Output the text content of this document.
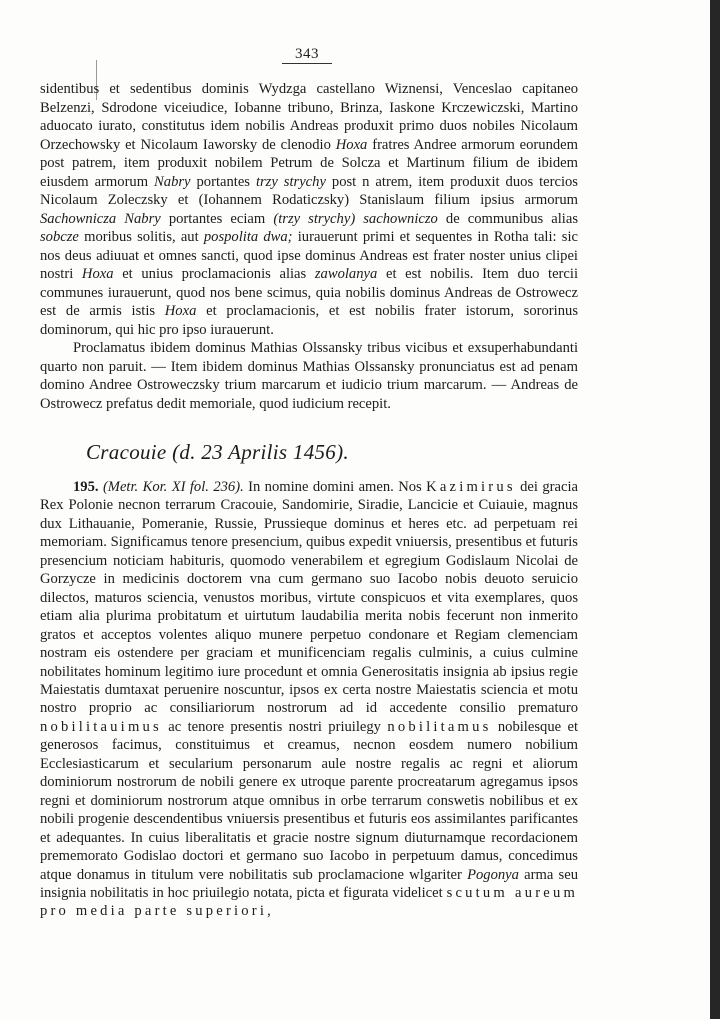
343

sidentibus et sedentibus dominis Wydzga castellano Wiznensi, Venceslao capitaneo Belzenzi, Sdrodone viceiudice, Iobanne tribuno, Brinza, Iaskone Krczewiczski, Martino aduocato iurato, constitutus idem nobilis Andreas produxit primo duos nobiles Nicolaum Orzechowsky et Nicolaum Iaworsky de clenodio Hoxa fratres Andree armorum eorundem post patrem, item produxit nobilem Petrum de Solcza et Martinum filium de ibidem eiusdem armorum Nabry portantes trzy strychy post n atrem, item produxit duos tercios Nicolaum Zoleczsky et (Iohannem Rodaticzsky) Stanislaum filium ipsius armorum Sachowniczа Nabry portantes eciam (trzy strychy) sachowniczo de communibus alias sobcze moribus solitis, aut pospolita dwa; iurauerunt primi et sequentes in Rotha tali: sic nos deus adiuuat et omnes sancti, quod ipse dominus Andreas est frater noster unius clipei nostri Hoxa et unius proclamacionis alias zawolanya et est nobilis. Item duo tercii communes iurauerunt, quod nos bene scimus, quia nobilis dominus Andreas de Ostrowecz est de armis istis Hoxa et proclamacionis, et est nobilis frater istorum, sororinus dominorum, qui hic pro ipso iurauerunt.

Proclamatus ibidem dominus Mathias Olssansky tribus vicibus et exsuperhabundanti quarto non paruit. — Item ibidem dominus Mathias Olssansky pronunciatus est ad penam domino Andree Ostroweczsky trium marcarum et iudicio trium marcarum. — Andreas de Ostrowecz prefatus dedit memoriale, quod iudicium recepit.

Cracouie (d. 23 Aprilis 1456).
195. (Metr. Kor. XI fol. 236). In nomine domini amen. Nos Kazimirus dei gracia Rex Polonie necnon terrarum Cracouie, Sandomirie, Siradie, Lancicie et Cuiauie, magnus dux Lithauanie, Pomeranie, Russie, Prussieque dominus et heres etc. ad perpetuam rei memoriam. Significamus tenore presencium, quibus expedit vniuersis, presentibus et futuris presencium noticiam habituris, quomodo venerabilem et egregium Godislaum Nicolai de Gorzycze in medicinis doctorem vna cum germano suo Iacobo nobis deuoto seruicio dilectos, maturos sciencia, venustos moribus, virtute conspicuos et vita exemplares, quos etiam alia plurima probitatum et uirtutum laudabilia merita nobis fecerunt non inmerito gratos et acceptos volentes aliquo munere perpetuo condonare et Regiam clemenciam nostram eis ostendere per graciam et munificenciam regalis culminis, a cuius culmine nobilitates hominum legitimo iure procedunt et omnia Generositatis insignia ab ipsius regie Maiestatis dumtaxat peruenire noscuntur, ipsos ex certa nostre Maiestatis sciencia et motu nostro proprio ac consiliariorum nostrorum ad id accedente consilio prematuro nobilitauimus ac tenore presentis nostri priuilegy nobilitamus nobilesque et generosos facimus, constituimus et creamus, necnon eosdem numero nobilium Ecclesiasticarum et secularium personarum aule nostre regalis ac regni et aliorum dominiorum nostrorum de nobili genere ex utroque parente procreatarum agregamus ipsos regni et dominiorum nostrorum atque omnibus in orbe terrarum conswetis nobilibus et ex nobili progenie descendentibus vniuersis presentibus et futuris eos assimilantes parificantes et adequantes. In cuius liberalitatis et gracie nostre signum diuturnamque recordacionem prememorato Godislao doctori et germano suo Iacobo in perpetuum damus, concedimus atque donamus in titulum vere nobilitatis sub proclamacione wlgariter Pogonya arma seu insignia nobilitatis in hoc priuilegio notata, picta et figurata videlicet scutum aureum pro media parte superiori,
